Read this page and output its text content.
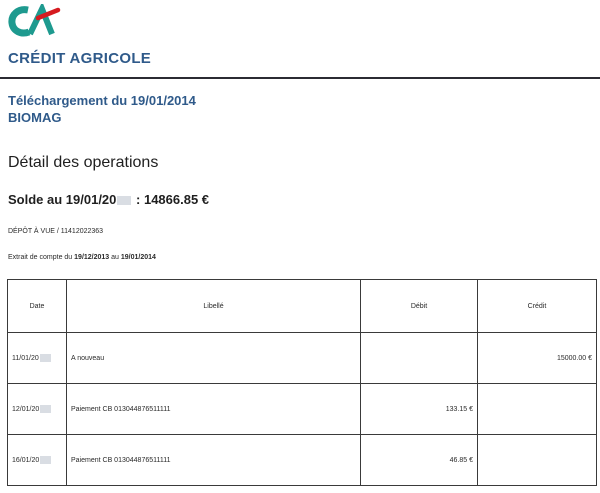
CRÉDIT AGRICOLE
Téléchargement du 19/01/2014
BIOMAG
Détail des operations
Solde au 19/01/20 : 14866.85 €
DÉPÔT À VUE / 11412022363
Extrait de compte du 19/12/2013 au 19/01/2014
Date	Libellé	Débit	Crédit
11/01/20	A nouveau		15000.00 €
12/01/20	Paiement CB 013044876511111	133.15 €	
16/01/20	Paiement CB 013044876511111	46.85 €	
